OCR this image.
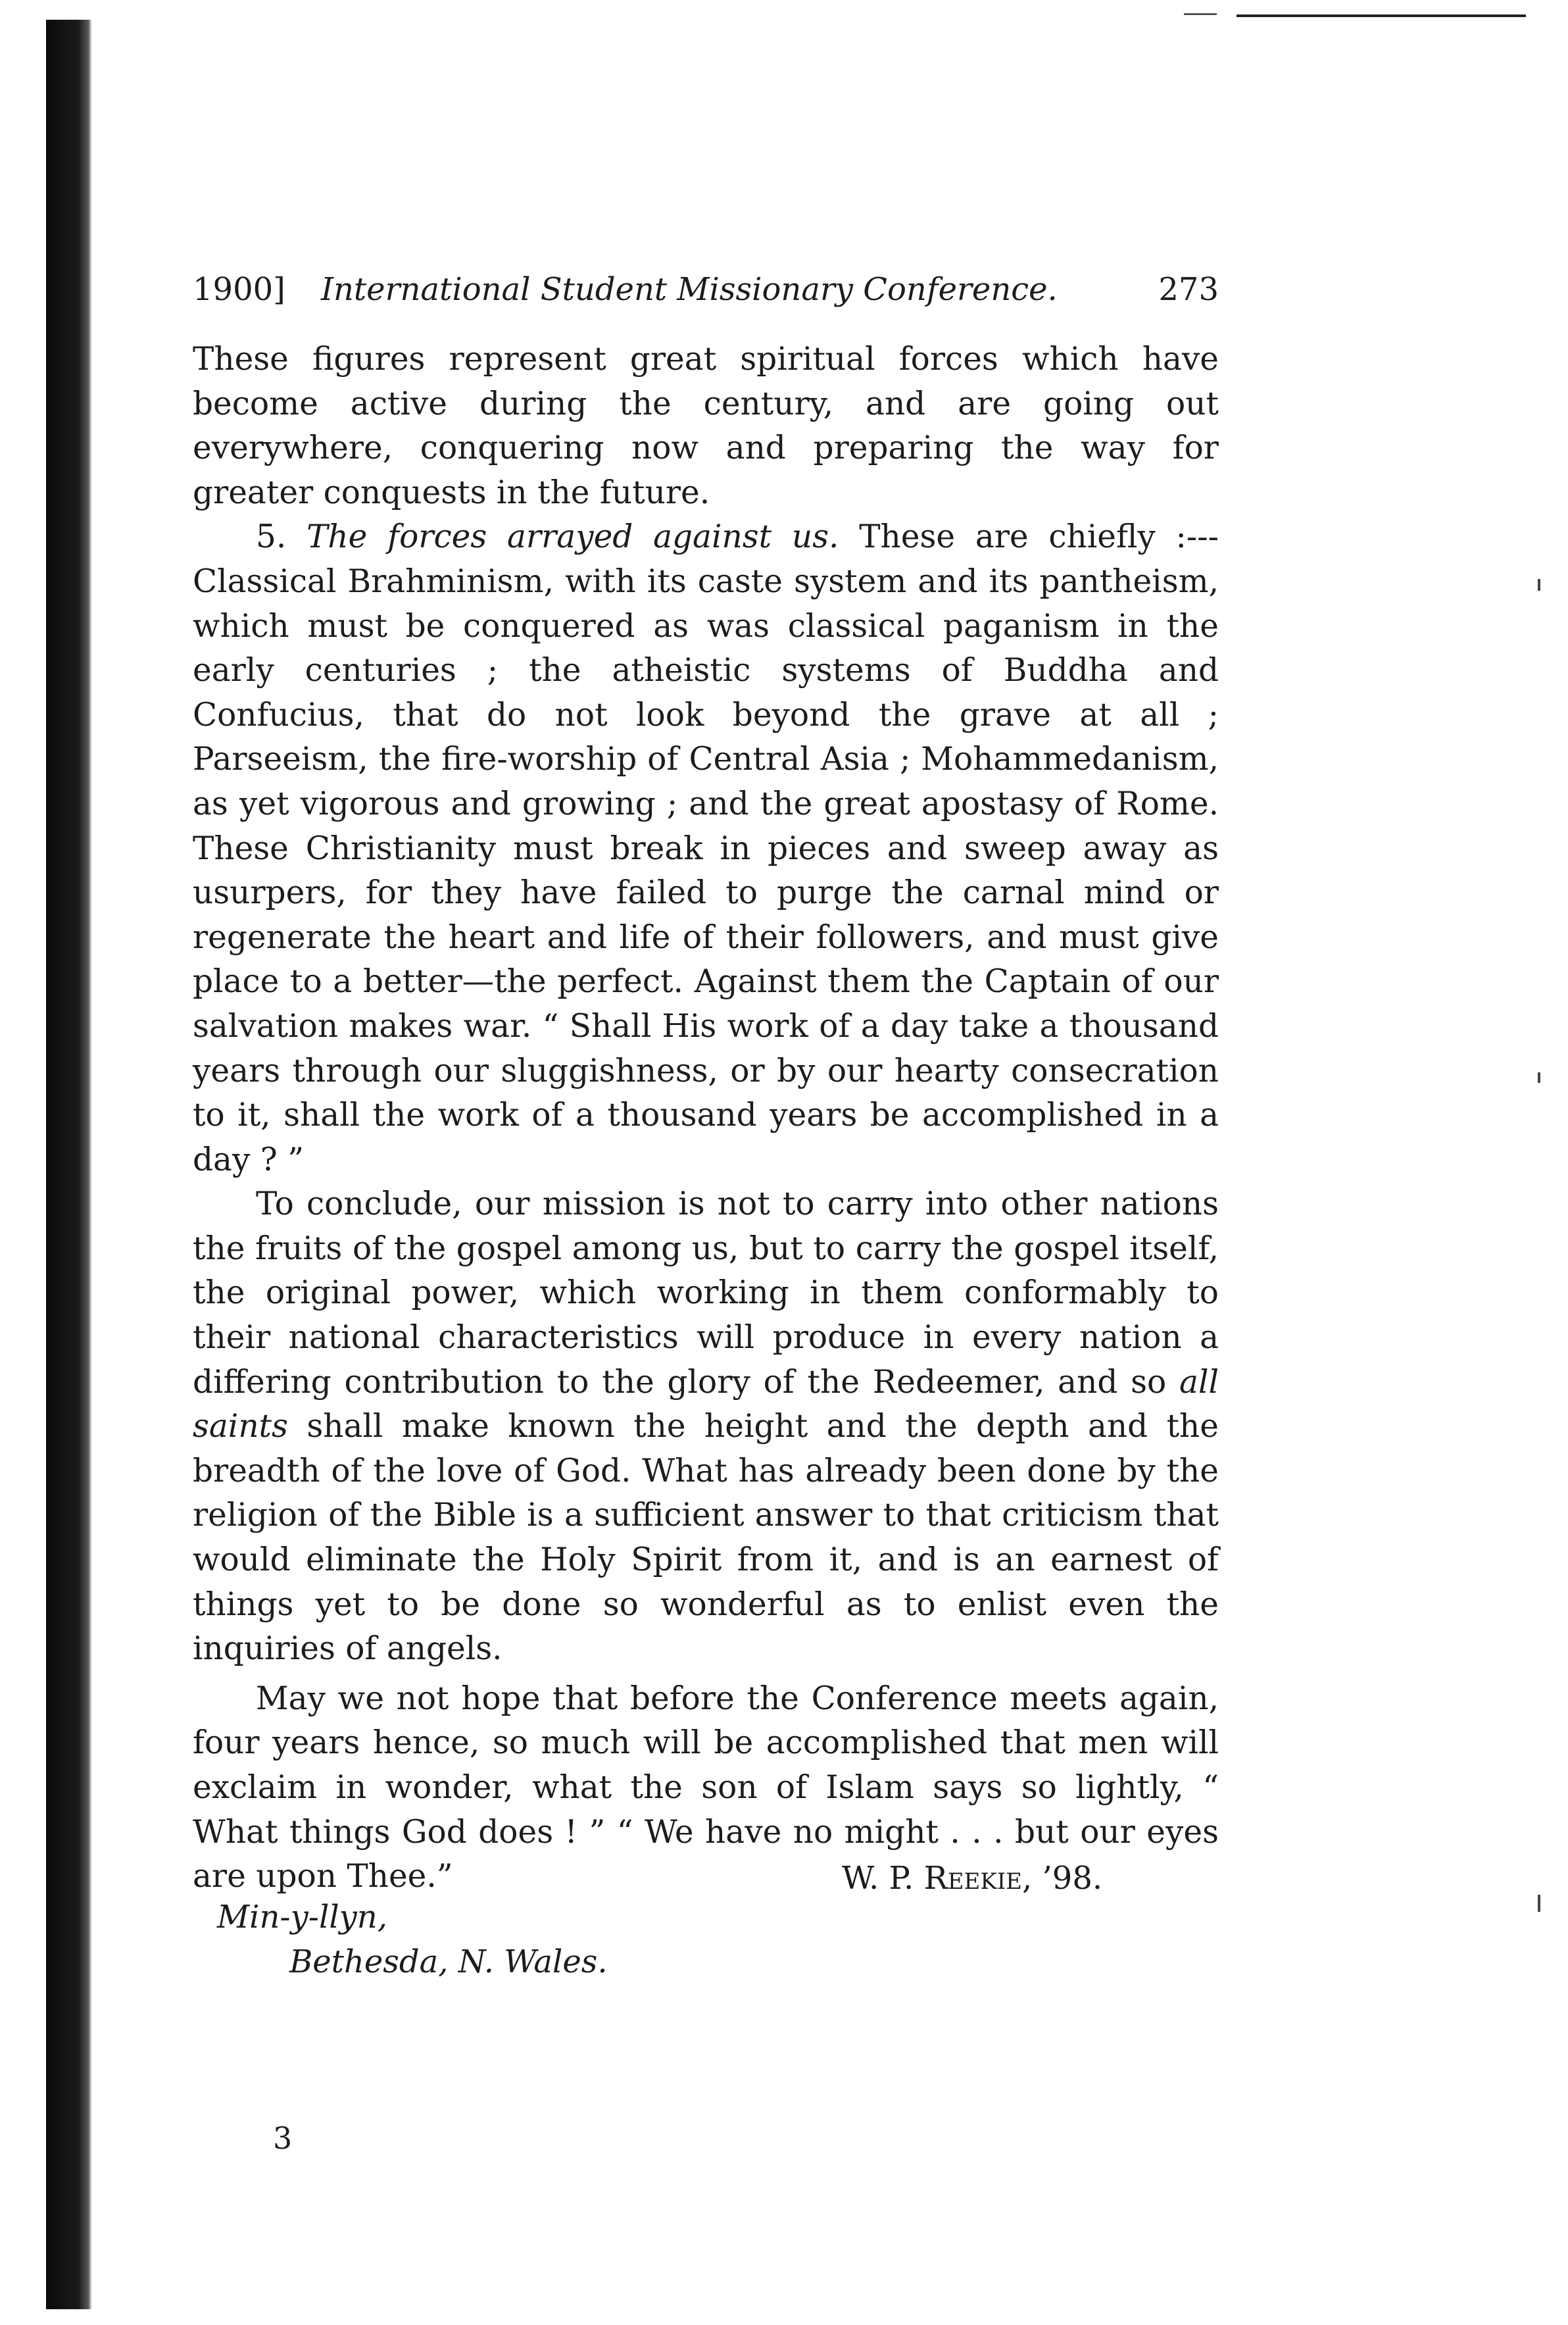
1900] International Student Missionary Conference.	273

These figures represent great spiritual forces which have become active during the century, and are going out everywhere, conquering now and preparing the way for greater conquests in the future.

5. The forces arrayed against us. These are chiefly :--- Classical Brahminism, with its caste system and its pantheism, which must be conquered as was classical paganism in the early centuries ; the atheistic systems of Buddha and Confucius, that do not look beyond the grave at all ; Parseeism, the fire-worship of Central Asia ; Mohammedanism, as yet vigorous and growing ; and the great apostasy of Rome. These Christianity must break in pieces and sweep away as usurpers, for they have failed to purge the carnal mind or regenerate the heart and life of their followers, and must give place to a better—the perfect. Against them the Captain of our salvation makes war. “ Shall His work of a day take a thousand years through our sluggishness, or by our hearty consecration to it, shall the work of a thousand years be accomplished in a day ? ”

To conclude, our mission is not to carry into other nations the fruits of the gospel among us, but to carry the gospel itself, the original power, which working in them conformably to their national characteristics will produce in every nation a differing contribution to the glory of the Redeemer, and so all saints shall make known the height and the depth and the breadth of the love of God. What has already been done by the religion of the Bible is a sufficient answer to that criticism that would eliminate the Holy Spirit from it, and is an earnest of things yet to be done so wonderful as to enlist even the inquiries of angels.

May we not hope that before the Conference meets again, four years hence, so much will be accomplished that men will exclaim in wonder, what the son of Islam says so lightly, “ What things God does ! ” “ We have no might . . . but our eyes are upon Thee.”	W. P. Reekie, ’98.
Min-y-llyn,
Bethesda, N. Wales.
3
